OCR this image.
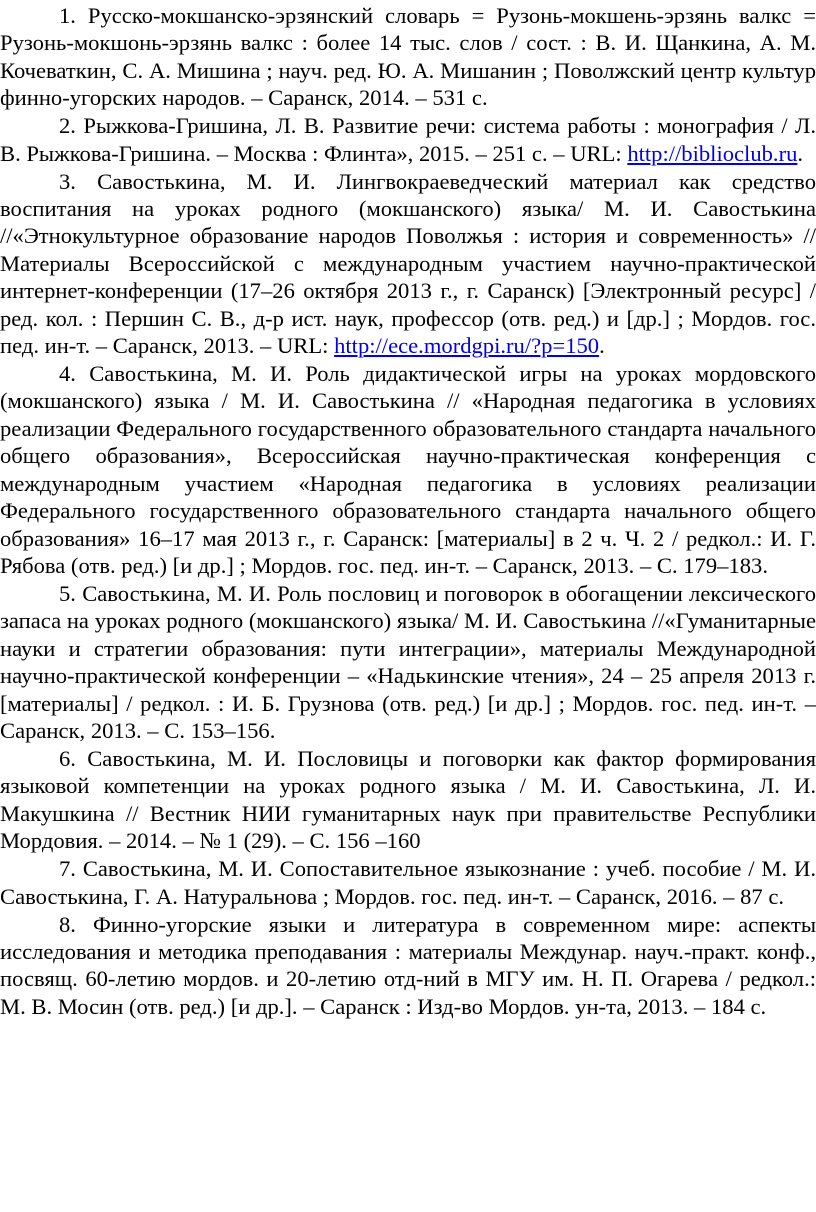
1. Русско-мокшанско-эрзянский словарь = Рузонь-мокшень-эрзянь валкс = Рузонь-мокшонь-эрзянь валкс : более 14 тыс. слов / сост. : В. И. Щанкина, А. М. Кочеваткин, С. А. Мишина ; науч. ред. Ю. А. Мишанин ; Поволжский центр культур финно-угорских народов. – Саранск, 2014. – 531 с.

2. Рыжкова-Гришина, Л. В. Развитие речи: система работы : монография / Л. В. Рыжкова-Гришина. – Москва : Флинта», 2015. – 251 с. – URL: http://biblioclub.ru.

3. Савостькина, М. И. Лингвокраеведческий материал как средство воспитания на уроках родного (мокшанского) языка/ М. И. Савостькина //«Этнокультурное образование народов Поволжья : история и современность» // Материалы Всероссийской с международным участием научно-практической интернет-конференции (17–26 октября 2013 г., г. Саранск) [Электронный ресурс] / ред. кол. : Першин С. В., д-р ист. наук, профессор (отв. ред.) и [др.] ; Мордов. гос. пед. ин-т. – Саранск, 2013. – URL: http://ece.mordgpi.ru/?p=150.

4. Савостькина, М. И. Роль дидактической игры на уроках мордовского (мокшанского) языка / М. И. Савостькина // «Народная педагогика в условиях реализации Федерального государственного образовательного стандарта начального общего образования», Всероссийская научно-практическая конференция с международным участием «Народная педагогика в условиях реализации Федерального государственного образовательного стандарта начального общего образования» 16–17 мая 2013 г., г. Саранск: [материалы] в 2 ч. Ч. 2 / редкол.: И. Г. Рябова (отв. ред.) [и др.] ; Мордов. гос. пед. ин-т. – Саранск, 2013. – С. 179–183.

5. Савостькина, М. И. Роль пословиц и поговорок в обогащении лексического запаса на уроках родного (мокшанского) языка/ М. И. Савостькина //«Гуманитарные науки и стратегии образования: пути интеграции», материалы Международной научно-практической конференции – «Надькинские чтения», 24 – 25 апреля 2013 г. [материалы] / редкол. : И. Б. Грузнова (отв. ред.) [и др.] ; Мордов. гос. пед. ин-т. – Саранск, 2013. – С. 153–156.

6. Савостькина, М. И. Пословицы и поговорки как фактор формирования языковой компетенции на уроках родного языка / М. И. Савостькина, Л. И. Макушкина // Вестник НИИ гуманитарных наук при правительстве Республики Мордовия. – 2014. – № 1 (29). – С. 156 –160

7. Савостькина, М. И. Сопоставительное языкознание : учеб. пособие / М. И. Савостькина, Г. А. Натуральнова ; Мордов. гос. пед. ин-т. – Саранск, 2016. – 87 с.

8. Финно-угорские языки и литература в современном мире: аспекты исследования и методика преподавания : материалы Междунар. науч.-практ. конф., посвящ. 60-летию мордов. и 20-летию отд-ний в МГУ им. Н. П. Огарева / редкол.: М. В. Мосин (отв. ред.) [и др.]. – Саранск : Изд-во Мордов. ун-та, 2013. – 184 с.
